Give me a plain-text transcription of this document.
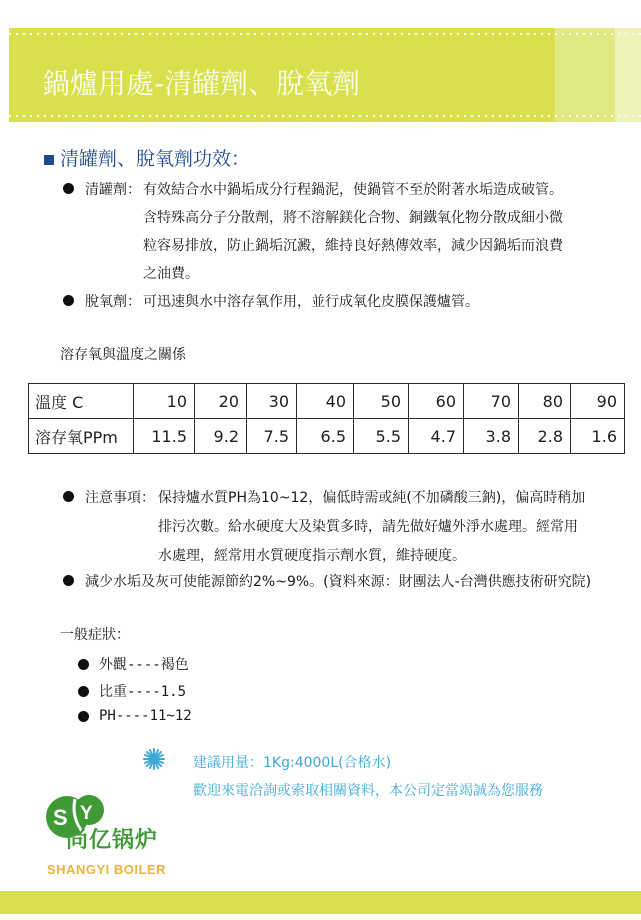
鍋爐用處-清罐劑、脫氧劑
清罐劑、脫氧劑功效：
清罐劑： 有效結合水中鍋垢成分行程鍋泥，使鍋管不至於附著水垢造成破管。
含特殊高分子分散劑，將不溶解鎂化合物、銅鐵氧化物分散成細小微
粒容易排放，防止鍋垢沉澱，維持良好熱傳效率，減少因鍋垢而浪費
之油費。
脫氧劑： 可迅速與水中溶存氧作用，並行成氧化皮膜保護爐管。
溶存氧與溫度之關係
溫度 C	10	20	30	40	50	60	70	80	90
溶存氧PPm	11.5	9.2	7.5	6.5	5.5	4.7	3.8	2.8	1.6
注意事項： 保持爐水質PH為10~12，偏低時需或純(不加磷酸三鈉)，偏高時稍加
排污次數。給水硬度大及染質多時，請先做好爐外淨水處理。經常用
水處理，經常用水質硬度指示劑水質，維持硬度。
減少水垢及灰可使能源節約2%~9%。(資料來源：財團法人-台灣供應技術研究院)
一般症狀：
外觀----褐色
比重----1.5
PH----11~12
建議用量：1Kg:4000L(合格水)
歡迎來電洽詢或索取相關資料，本公司定當竭誠為您服務
S Y
尚亿锅炉
SHANGYI BOILER
